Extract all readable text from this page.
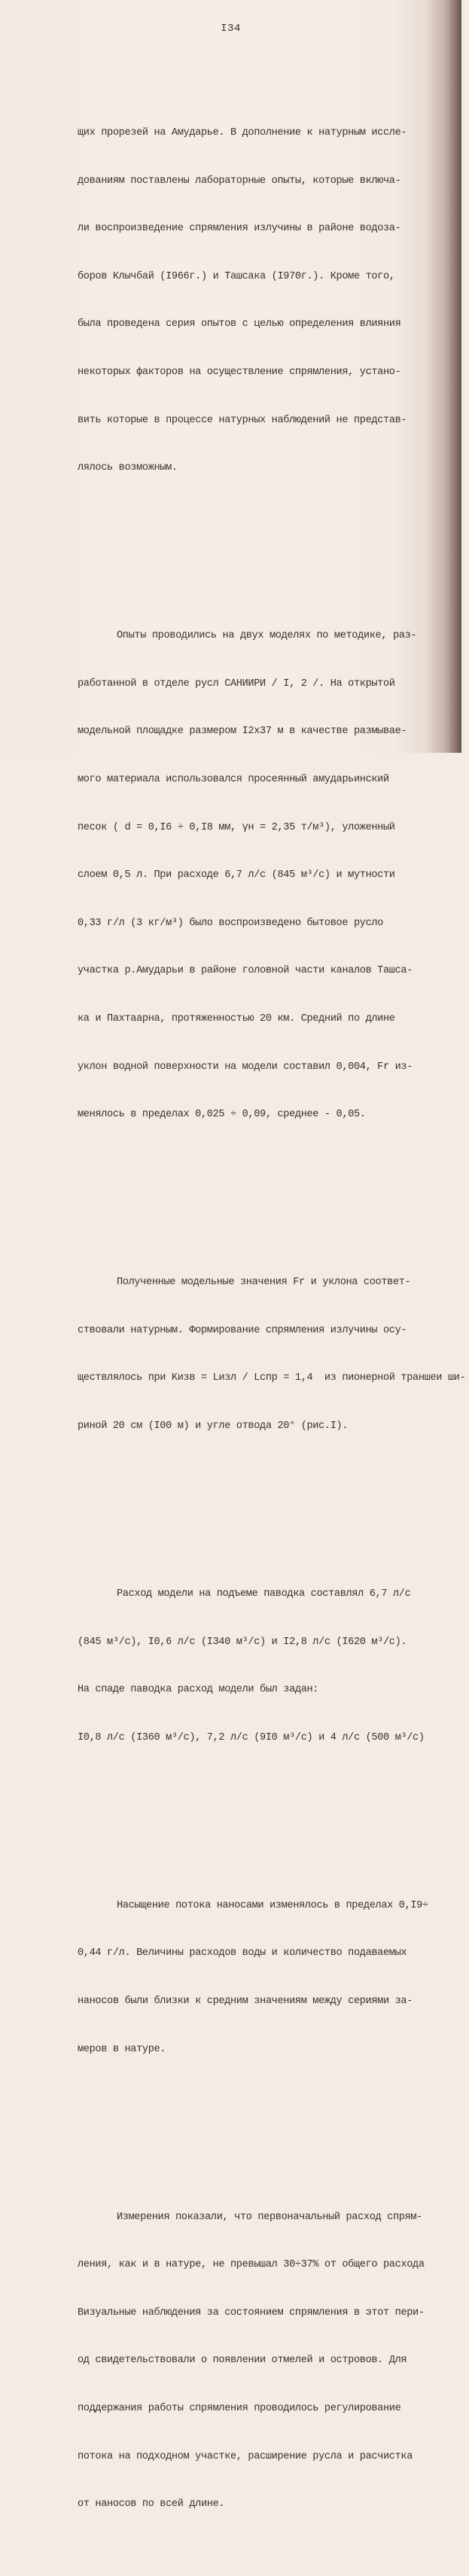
I34

щих прорезей на Амударье. В дополнение к натурным иссле-

дованиям поставлены лабораторные опыты, которые включа-

ли воспроизведение спрямления излучины в районе водоза-

боров Клычбай (I966г.) и Ташсака (I970г.). Кроме того,

была проведена серия опытов с целью определения влияния

некоторых факторов на осуществление спрямления, устано-

вить которые в процессе натурных наблюдений не представ-

лялось возможным.

Опыты проводились на двух моделях по методике, раз-

работанной в отделе русл САНИИРИ / I, 2 /. На открытой

модельной площадке размером I2x37 м в качестве размывае-

мого материала использовался просеянный амударьинский

песок ( d = 0,I6 ÷ 0,I8 мм, γн = 2,35 т/м³), уложенный

слоем 0,5 л. При расходе 6,7 л/с (845 м³/с) и мутности

0,33 г/л (3 кг/м³) было воспроизведено бытовое русло

участка р.Амударьи в районе головной части каналов Ташса-

ка и Пахтаарна, протяженностью 20 км. Средний по длине

уклон водной поверхности на модели составил 0,004, Fr из-

менялось в пределах 0,025 ÷ 0,09, среднее - 0,05.

Полученные модельные значения Fr и уклона соответ-

ствовали натурным. Формирование спрямления излучины осу-

ществлялось при Kизв = Lизл / Lспр = 1,4  из пионерной траншеи ши-

риной 20 см (I00 м) и угле отвода 20° (рис.I).

Расход модели на подъеме паводка составлял 6,7 л/с

(845 м³/с), I0,6 л/с (I340 м³/с) и I2,8 л/с (I620 м³/с).

На спаде паводка расход модели был задан:

I0,8 л/с (I360 м³/с), 7,2 л/с (9I0 м³/с) и 4 л/с (500 м³/с)

Насыщение потока наносами изменялось в пределах 0,I9÷

0,44 г/л. Величины расходов воды и количество подаваемых

наносов были близки к средним значениям между сериями за-

меров в натуре.

Измерения показали, что первоначальный расход спрям-

ления, как и в натуре, не превышал 30÷37% от общего расхода

Визуальные наблюдения за состоянием спрямления в этот пери-

од свидетельствовали о появлении отмелей и островов. Для

поддержания работы спрямления проводилось регулирование

потока на подходном участке, расширение русла и расчистка

от наносов по всей длине.
